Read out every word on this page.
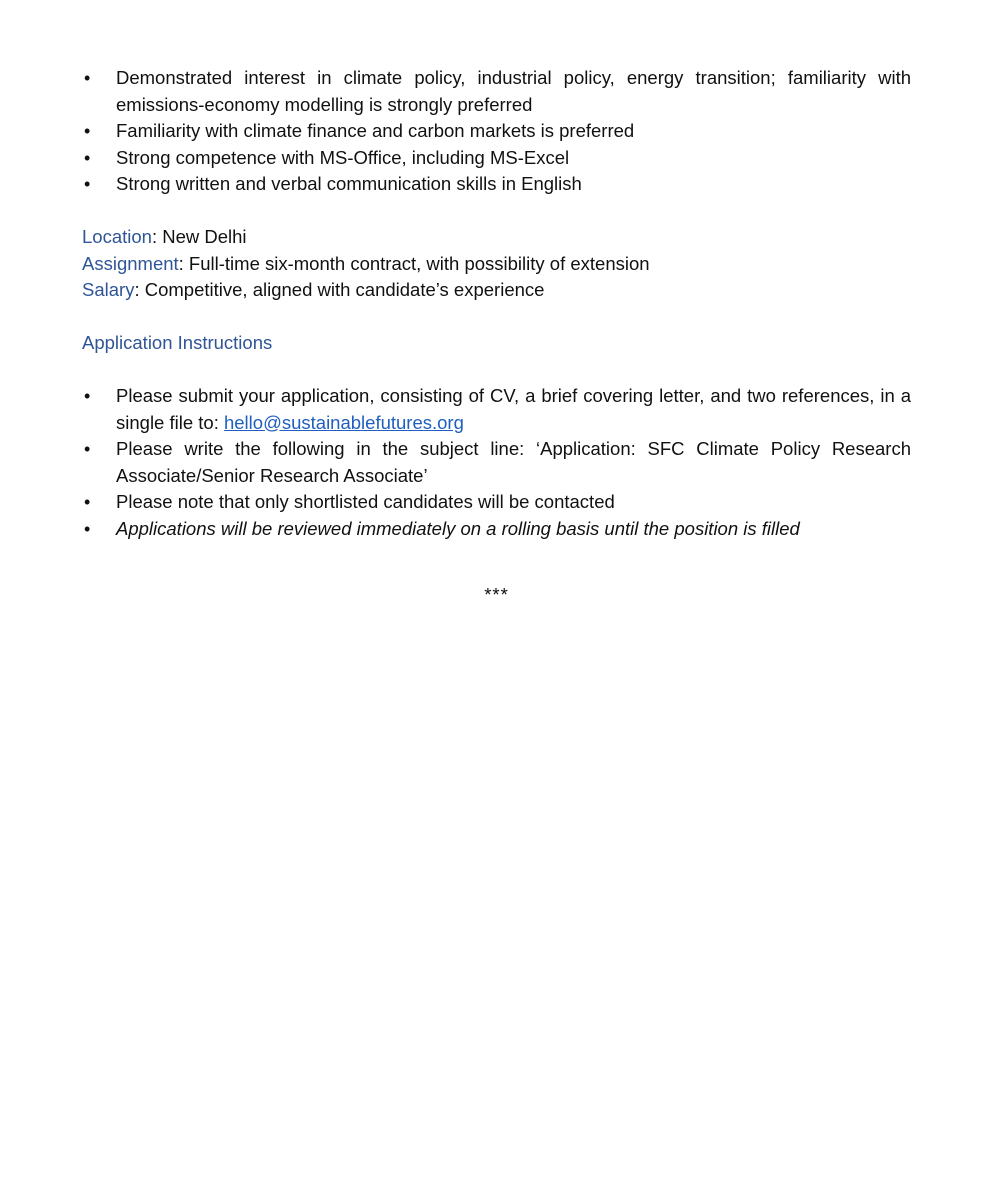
• Demonstrated interest in climate policy, industrial policy, energy transition; familiarity with emissions-economy modelling is strongly preferred
• Familiarity with climate finance and carbon markets is preferred
• Strong competence with MS-Office, including MS-Excel
• Strong written and verbal communication skills in English
Location: New Delhi
Assignment: Full-time six-month contract, with possibility of extension
Salary: Competitive, aligned with candidate’s experience
Application Instructions
• Please submit your application, consisting of CV, a brief covering letter, and two references, in a single file to: hello@sustainablefutures.org
• Please write the following in the subject line: ‘Application: SFC Climate Policy Research Associate/Senior Research Associate’
• Please note that only shortlisted candidates will be contacted
• Applications will be reviewed immediately on a rolling basis until the position is filled
***
